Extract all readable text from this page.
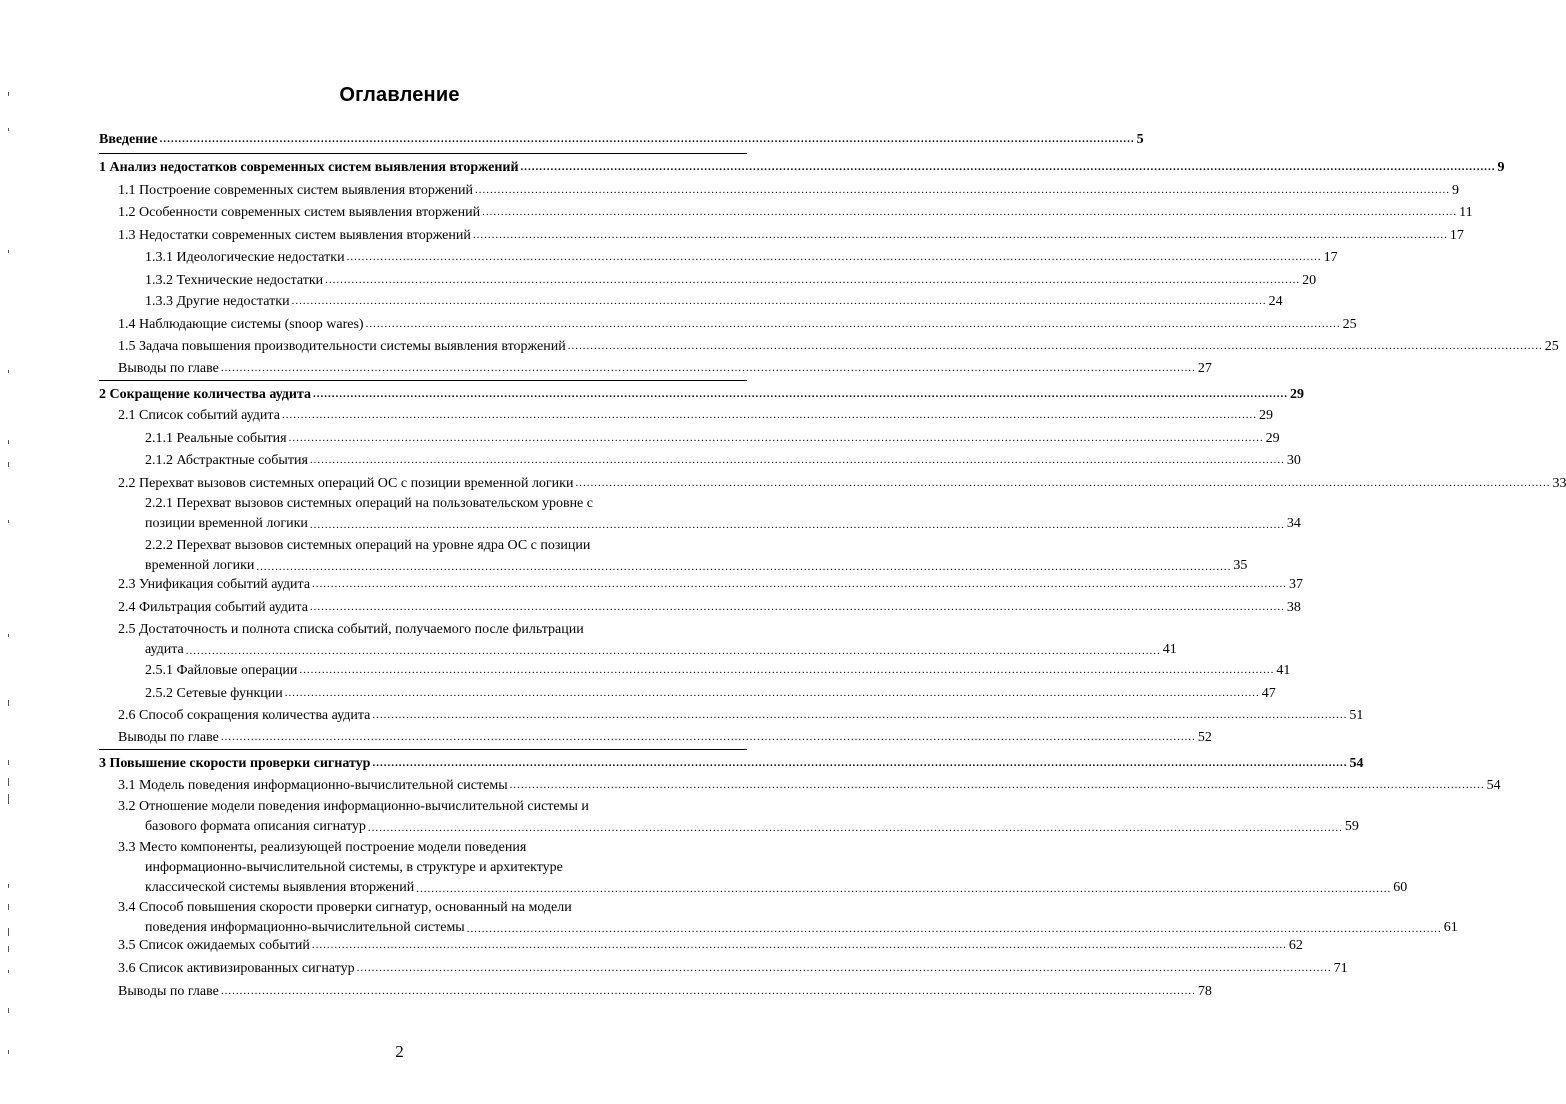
Оглавление
Введение .................................................................................................................................................................................................................................................................... 5
1 Анализ недостатков современных систем выявления вторжений .................................................................................................................................................................................................................................................................... 9
1.1 Построение современных систем выявления вторжений .................................................................................................................................................................................................................................................................... 9
1.2 Особенности современных систем выявления вторжений .................................................................................................................................................................................................................................................................... 11
1.3 Недостатки современных систем выявления вторжений .................................................................................................................................................................................................................................................................... 17
1.3.1 Идеологические недостатки .................................................................................................................................................................................................................................................................... 17
1.3.2 Технические недостатки .................................................................................................................................................................................................................................................................... 20
1.3.3 Другие недостатки .................................................................................................................................................................................................................................................................... 24
1.4 Наблюдающие системы (snoop wares) .................................................................................................................................................................................................................................................................... 25
1.5 Задача повышения производительности системы выявления вторжений .................................................................................................................................................................................................................................................................... 25
Выводы по главе .................................................................................................................................................................................................................................................................... 27
2 Сокращение количества аудита .................................................................................................................................................................................................................................................................... 29
2.1 Список событий аудита .................................................................................................................................................................................................................................................................... 29
2.1.1 Реальные события .................................................................................................................................................................................................................................................................... 29
2.1.2 Абстрактные события .................................................................................................................................................................................................................................................................... 30
2.2 Перехват вызовов системных операций ОС с позиции временной логики .................................................................................................................................................................................................................................................................... 33
2.2.1 Перехват вызовов системных операций на пользовательском уровне с
позиции временной логики .................................................................................................................................................................................................................................................................... 34
2.2.2 Перехват вызовов системных операций на уровне ядра ОС с позиции
временной логики .................................................................................................................................................................................................................................................................... 35
2.3 Унификация событий аудита .................................................................................................................................................................................................................................................................... 37
2.4 Фильтрация событий аудита .................................................................................................................................................................................................................................................................... 38
2.5 Достаточность и полнота списка событий, получаемого после фильтрации
аудита .................................................................................................................................................................................................................................................................... 41
2.5.1 Файловые операции .................................................................................................................................................................................................................................................................... 41
2.5.2 Сетевые функции .................................................................................................................................................................................................................................................................... 47
2.6 Способ сокращения количества аудита .................................................................................................................................................................................................................................................................... 51
Выводы по главе .................................................................................................................................................................................................................................................................... 52
3 Повышение скорости проверки сигнатур .................................................................................................................................................................................................................................................................... 54
3.1 Модель поведения информационно-вычислительной системы .................................................................................................................................................................................................................................................................... 54
3.2 Отношение модели поведения информационно-вычислительной системы и
базового формата описания сигнатур .................................................................................................................................................................................................................................................................... 59
3.3 Место компоненты, реализующей построение модели поведения
информационно-вычислительной системы, в структуре и архитектуре
классической системы выявления вторжений .................................................................................................................................................................................................................................................................... 60
3.4 Способ повышения скорости проверки сигнатур, основанный на модели
поведения информационно-вычислительной системы .................................................................................................................................................................................................................................................................... 61
3.5 Список ожидаемых событий .................................................................................................................................................................................................................................................................... 62
3.6 Список активизированных сигнатур .................................................................................................................................................................................................................................................................... 71
Выводы по главе .................................................................................................................................................................................................................................................................... 78
2
